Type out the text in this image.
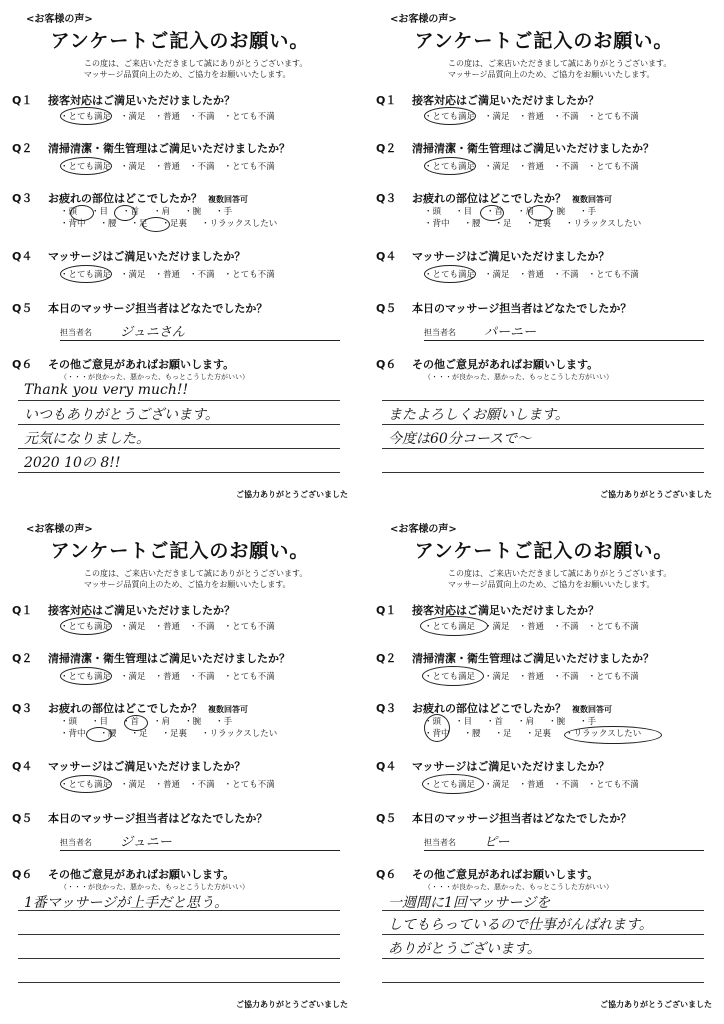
<お客様の声>
アンケートご記入のお願い。
この度は、ご来店いただきまして誠にありがとうございます。
マッサージ品質向上のため、ご協力をお願いいたします。
Q１ 接客対応はご満足いただけましたか？
・とても満足 ・満足 ・普通 ・不満 ・とても不満
Q２ 清掃清潔・衛生管理はご満足いただけましたか？
・とても満足 ・満足 ・普通 ・不満 ・とても不満
Q３ お疲れの部位はどこでしたか？ 複数回答可
・頭 ・目 ・首 ・肩 ・腕 ・手
・背中 ・腰 ・足 ・足裏 ・リラックスしたい
Q４ マッサージはご満足いただけましたか？
・とても満足 ・満足 ・普通 ・不満 ・とても不満
Q５ 本日のマッサージ担当者はどなたでしたか？
担当者名 ジュニさん
Q６ その他ご意見があればお願いします。
（・・・が良かった、悪かった、もっとこうした方がいい）
Thank you very much!!
いつもありがとうございます。
元気になりました。
2020 10の 8!!
ご協力ありがとうございました
<お客様の声>
アンケートご記入のお願い。
この度は、ご来店いただきまして誠にありがとうございます。
マッサージ品質向上のため、ご協力をお願いいたします。
Q１ 接客対応はご満足いただけましたか？
・とても満足 ・満足 ・普通 ・不満 ・とても不満
Q２ 清掃清潔・衛生管理はご満足いただけましたか？
・とても満足 ・満足 ・普通 ・不満 ・とても不満
Q３ お疲れの部位はどこでしたか？ 複数回答可
・頭 ・目 ・首 ・肩 ・腕 ・手
・背中 ・腰 ・足 ・足裏 ・リラックスしたい
Q４ マッサージはご満足いただけましたか？
・とても満足 ・満足 ・普通 ・不満 ・とても不満
Q５ 本日のマッサージ担当者はどなたでしたか？
担当者名 パーニー
Q６ その他ご意見があればお願いします。
（・・・が良かった、悪かった、もっとこうした方がいい）
またよろしくお願いします。
今度は60分コースで〜
ご協力ありがとうございました
<お客様の声>
アンケートご記入のお願い。
この度は、ご来店いただきまして誠にありがとうございます。
マッサージ品質向上のため、ご協力をお願いいたします。
Q１ 接客対応はご満足いただけましたか？
・とても満足 ・満足 ・普通 ・不満 ・とても不満
Q２ 清掃清潔・衛生管理はご満足いただけましたか？
・とても満足 ・満足 ・普通 ・不満 ・とても不満
Q３ お疲れの部位はどこでしたか？ 複数回答可
・頭 ・目 ・首 ・肩 ・腕 ・手
・背中 ・腰 ・足 ・足裏 ・リラックスしたい
Q４ マッサージはご満足いただけましたか？
・とても満足 ・満足 ・普通 ・不満 ・とても不満
Q５ 本日のマッサージ担当者はどなたでしたか？
担当者名 ジュニー
Q６ その他ご意見があればお願いします。
（・・・が良かった、悪かった、もっとこうした方がいい）
1番マッサージが上手だと思う。
ご協力ありがとうございました
<お客様の声>
アンケートご記入のお願い。
この度は、ご来店いただきまして誠にありがとうございます。
マッサージ品質向上のため、ご協力をお願いいたします。
Q１ 接客対応はご満足いただけましたか？
・とても満足 ・満足 ・普通 ・不満 ・とても不満
Q２ 清掃清潔・衛生管理はご満足いただけましたか？
・とても満足 ・満足 ・普通 ・不満 ・とても不満
Q３ お疲れの部位はどこでしたか？ 複数回答可
・頭 ・目 ・首 ・肩 ・腕 ・手
・背中 ・腰 ・足 ・足裏 ・リラックスしたい
Q４ マッサージはご満足いただけましたか？
・とても満足 ・満足 ・普通 ・不満 ・とても不満
Q５ 本日のマッサージ担当者はどなたでしたか？
担当者名 ピー
Q６ その他ご意見があればお願いします。
（・・・が良かった、悪かった、もっとこうした方がいい）
一週間に1回マッサージを
してもらっているので仕事がんばれます。
ありがとうございます。
ご協力ありがとうございました
